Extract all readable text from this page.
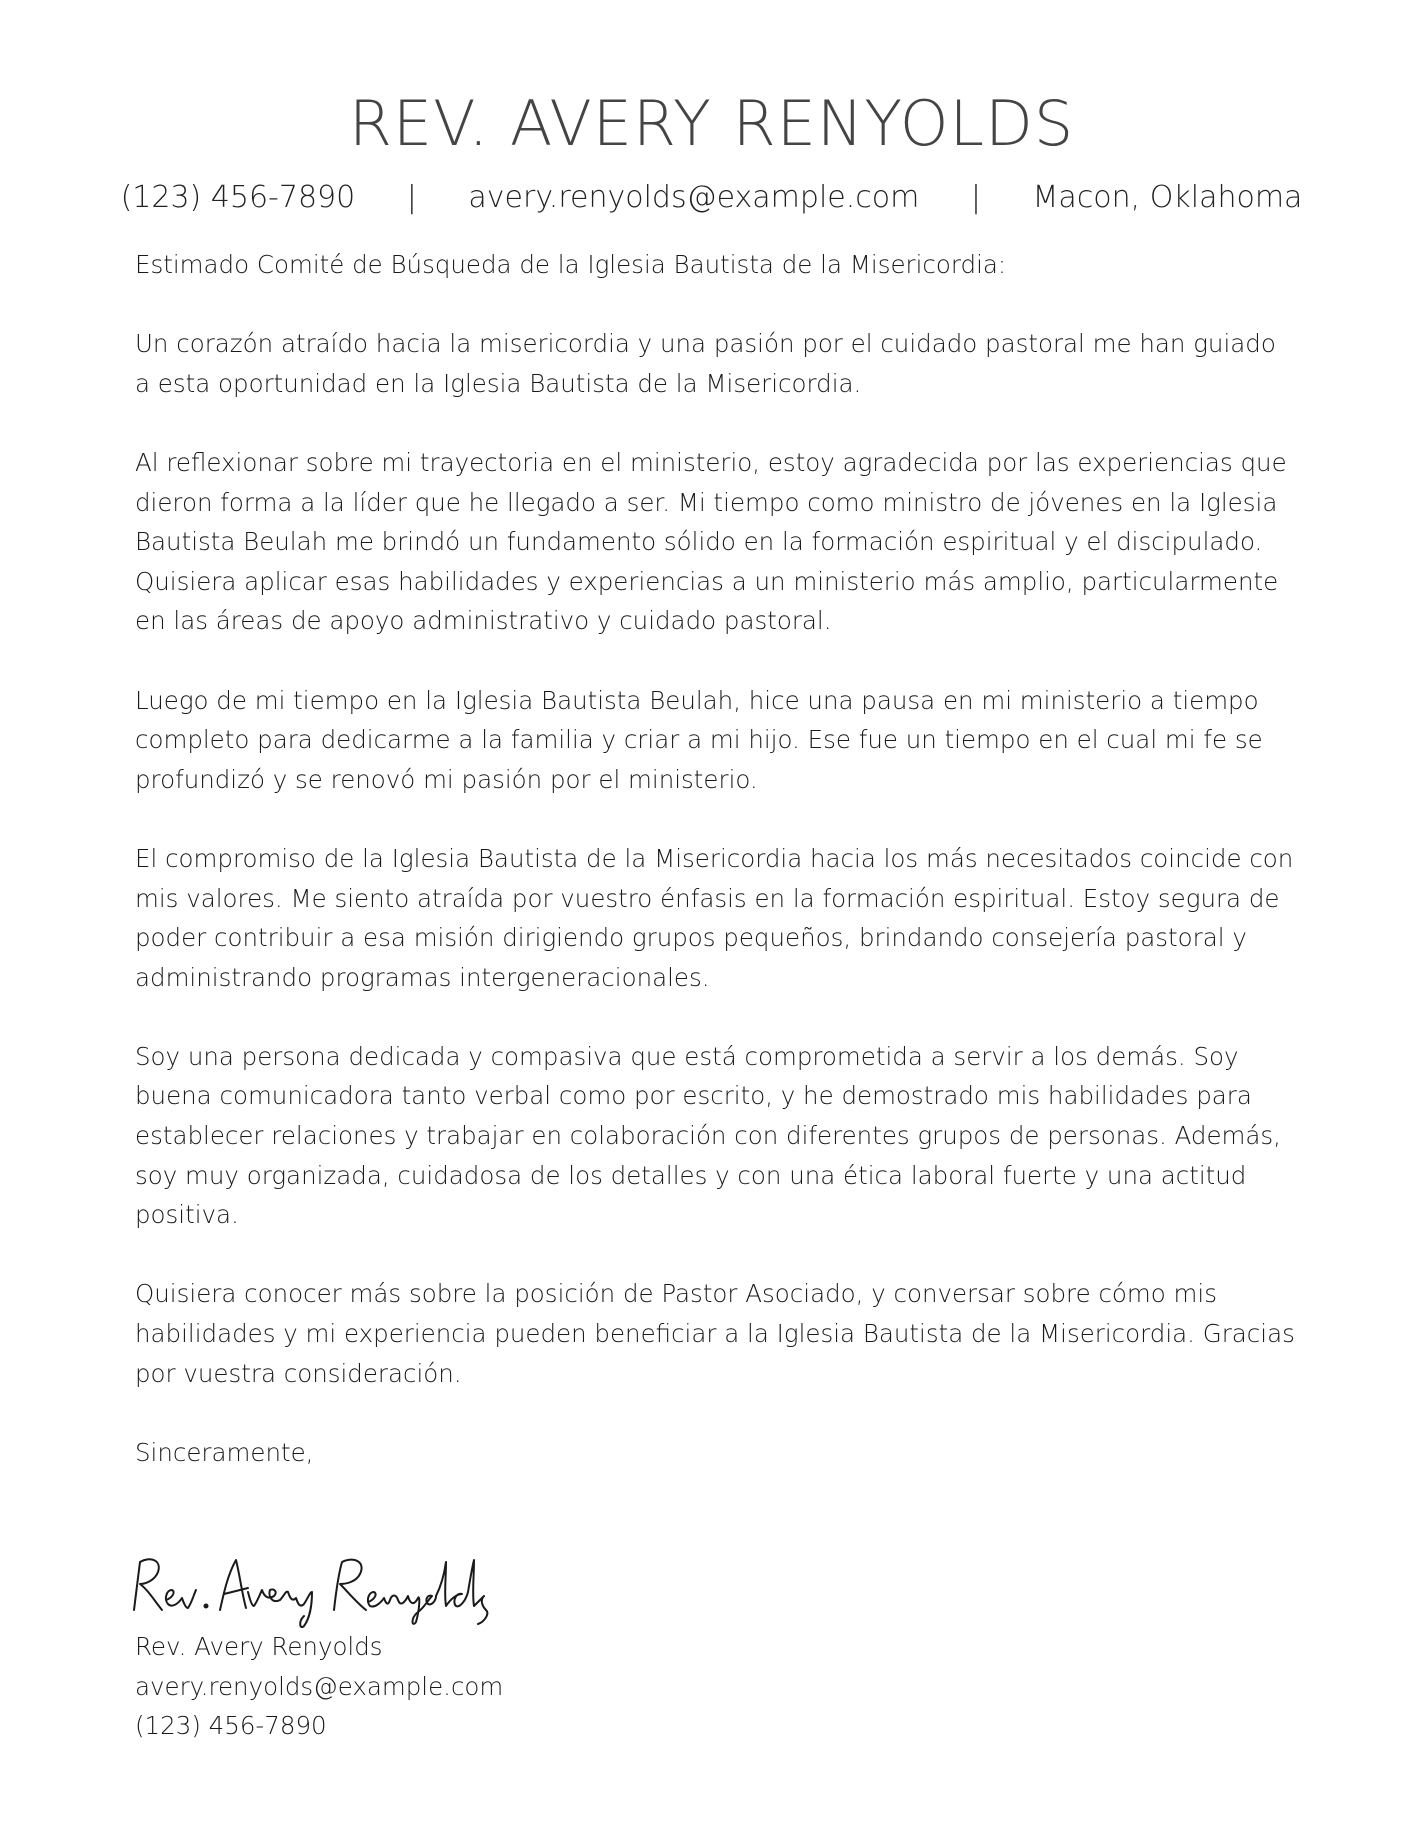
REV. AVERY RENYOLDS
(123) 456-7890 | avery.renyolds@example.com | Macon, Oklahoma

Estimado Comité de Búsqueda de la Iglesia Bautista de la Misericordia:

Un corazón atraído hacia la misericordia y una pasión por el cuidado pastoral me han guiado a esta oportunidad en la Iglesia Bautista de la Misericordia.

Al reflexionar sobre mi trayectoria en el ministerio, estoy agradecida por las experiencias que dieron forma a la líder que he llegado a ser. Mi tiempo como ministro de jóvenes en la Iglesia Bautista Beulah me brindó un fundamento sólido en la formación espiritual y el discipulado. Quisiera aplicar esas habilidades y experiencias a un ministerio más amplio, particularmente en las áreas de apoyo administrativo y cuidado pastoral.

Luego de mi tiempo en la Iglesia Bautista Beulah, hice una pausa en mi ministerio a tiempo completo para dedicarme a la familia y criar a mi hijo. Ese fue un tiempo en el cual mi fe se profundizó y se renovó mi pasión por el ministerio.

El compromiso de la Iglesia Bautista de la Misericordia hacia los más necesitados coincide con mis valores. Me siento atraída por vuestro énfasis en la formación espiritual. Estoy segura de poder contribuir a esa misión dirigiendo grupos pequeños, brindando consejería pastoral y administrando programas intergeneracionales.

Soy una persona dedicada y compasiva que está comprometida a servir a los demás. Soy buena comunicadora tanto verbal como por escrito, y he demostrado mis habilidades para establecer relaciones y trabajar en colaboración con diferentes grupos de personas. Además, soy muy organizada, cuidadosa de los detalles y con una ética laboral fuerte y una actitud positiva.

Quisiera conocer más sobre la posición de Pastor Asociado, y conversar sobre cómo mis habilidades y mi experiencia pueden beneficiar a la Iglesia Bautista de la Misericordia. Gracias por vuestra consideración.

Sinceramente,

Rev. Avery Renyolds
avery.renyolds@example.com
(123) 456-7890
